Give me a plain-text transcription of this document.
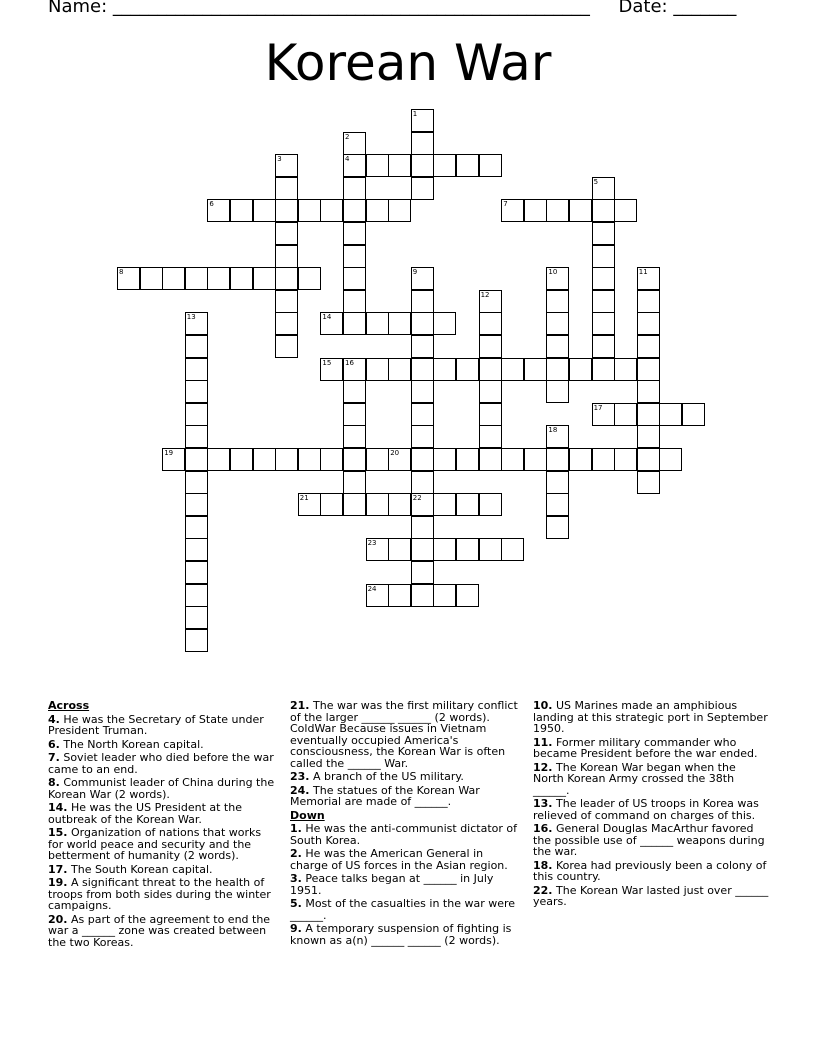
Name: _____________________________________________________ Date: _______
Korean War
4
6	7
8
14
15 16
17
19	20
21	22
23
24
1
2
3
5
9	10	11
12
13
18

Across

4. He was the Secretary of State under President Truman.

6. The North Korean capital.

7. Soviet leader who died before the war came to an end.

8. Communist leader of China during the Korean War (2 words).

14. He was the US President at the outbreak of the Korean War.

15. Organization of nations that works for world peace and security and the betterment of humanity (2 words).

17. The South Korean capital.

19. A significant threat to the health of troops from both sides during the winter campaigns.

20. As part of the agreement to end the war a ______ zone was created between the two Koreas.

21. The war was the first military conflict of the larger ______ ______ (2 words). ColdWar Because issues in Vietnam eventually occupied America's consciousness, the Korean War is often called the ______ War.

23. A branch of the US military.

24. The statues of the Korean War Memorial are made of ______.

Down

1. He was the anti-communist dictator of South Korea.

2. He was the American General in charge of US forces in the Asian region.

3. Peace talks began at ______ in July 1951.

5. Most of the casualties in the war were ______.

9. A temporary suspension of fighting is known as a(n) ______ ______ (2 words).

10. US Marines made an amphibious landing at this strategic port in September 1950.

11. Former military commander who became President before the war ended.

12. The Korean War began when the North Korean Army crossed the 38th ______.

13. The leader of US troops in Korea was relieved of command on charges of this.

16. General Douglas MacArthur favored the possible use of ______ weapons during the war.

18. Korea had previously been a colony of this country.

22. The Korean War lasted just over ______ years.
